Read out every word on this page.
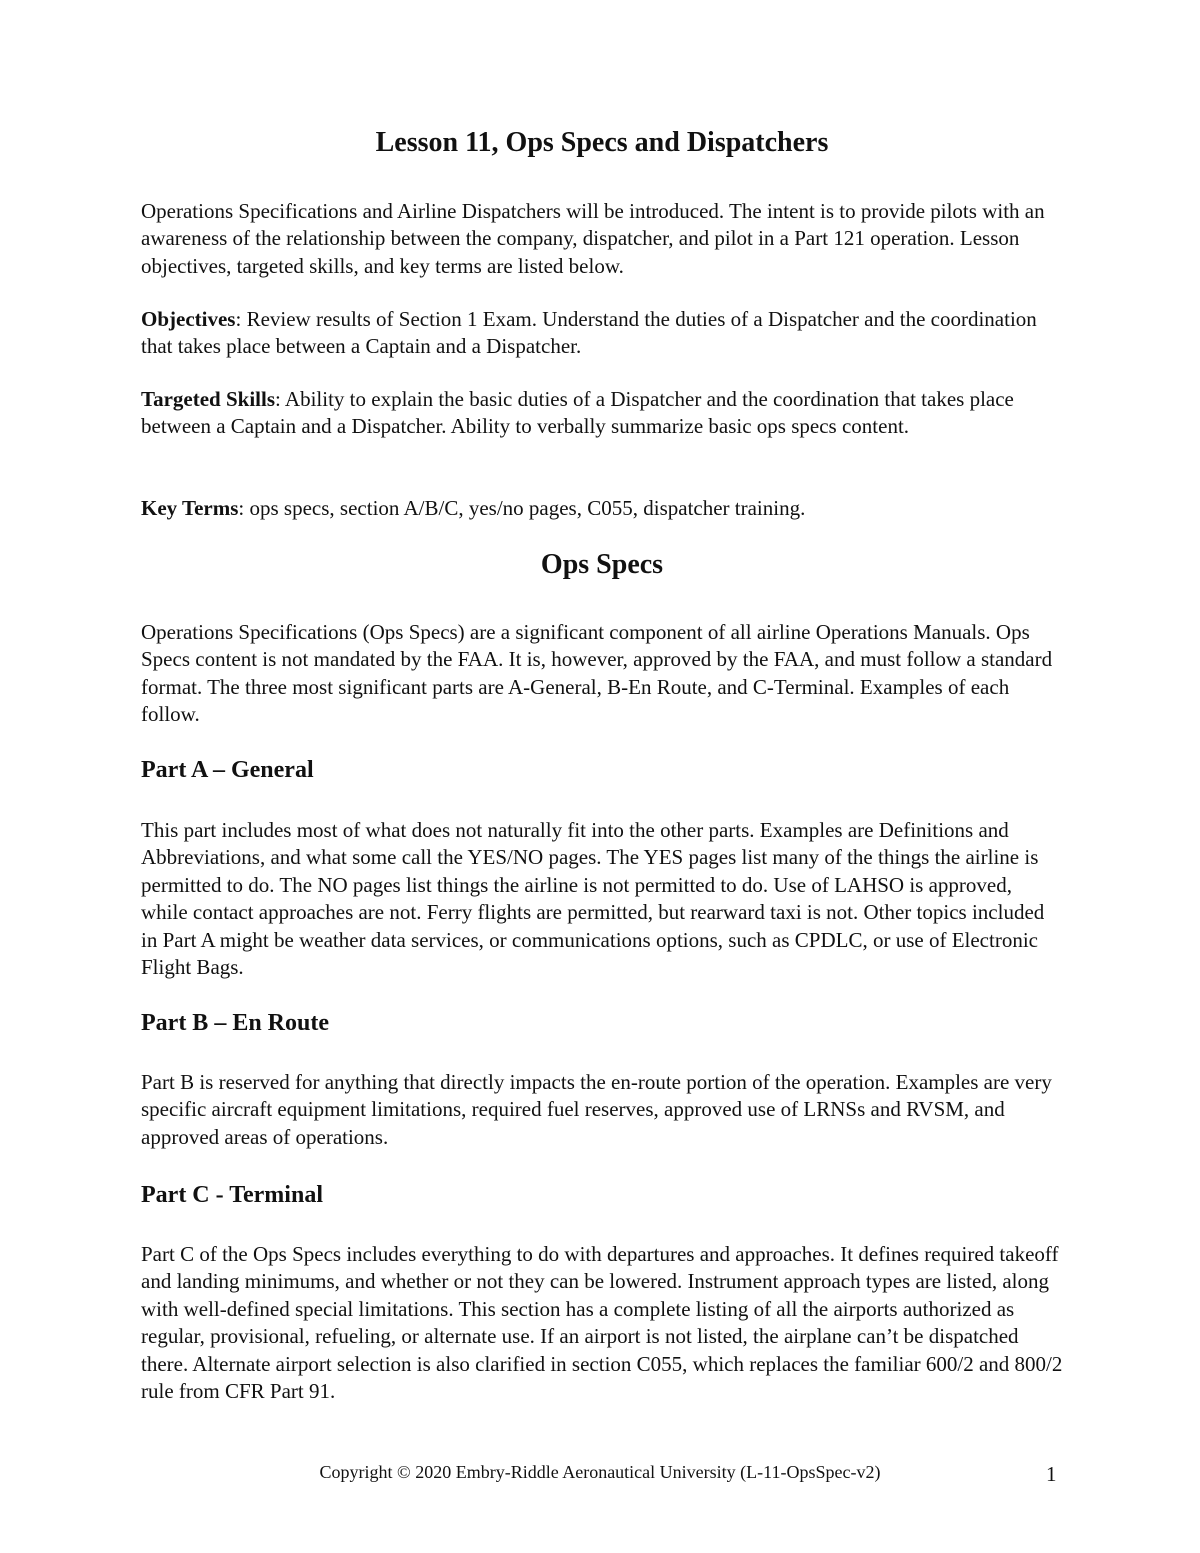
Lesson 11, Ops Specs and Dispatchers

Operations Specifications and Airline Dispatchers will be introduced. The intent is to provide pilots with an awareness of the relationship between the company, dispatcher, and pilot in a Part 121 operation. Lesson objectives, targeted skills, and key terms are listed below.

Objectives: Review results of Section 1 Exam. Understand the duties of a Dispatcher and the coordination that takes place between a Captain and a Dispatcher.

Targeted Skills: Ability to explain the basic duties of a Dispatcher and the coordination that takes place between a Captain and a Dispatcher. Ability to verbally summarize basic ops specs content.

Key Terms: ops specs, section A/B/C, yes/no pages, C055, dispatcher training.

Ops Specs

Operations Specifications (Ops Specs) are a significant component of all airline Operations Manuals. Ops Specs content is not mandated by the FAA. It is, however, approved by the FAA, and must follow a standard format. The three most significant parts are A-General, B-En Route, and C-Terminal. Examples of each follow.

Part A – General

This part includes most of what does not naturally fit into the other parts. Examples are Definitions and Abbreviations, and what some call the YES/NO pages. The YES pages list many of the things the airline is permitted to do. The NO pages list things the airline is not permitted to do. Use of LAHSO is approved, while contact approaches are not. Ferry flights are permitted, but rearward taxi is not. Other topics included in Part A might be weather data services, or communications options, such as CPDLC, or use of Electronic Flight Bags.

Part B – En Route

Part B is reserved for anything that directly impacts the en-route portion of the operation. Examples are very specific aircraft equipment limitations, required fuel reserves, approved use of LRNSs and RVSM, and approved areas of operations.

Part C - Terminal

Part C of the Ops Specs includes everything to do with departures and approaches. It defines required takeoff and landing minimums, and whether or not they can be lowered. Instrument approach types are listed, along with well-defined special limitations. This section has a complete listing of all the airports authorized as regular, provisional, refueling, or alternate use. If an airport is not listed, the airplane can’t be dispatched there. Alternate airport selection is also clarified in section C055, which replaces the familiar 600/2 and 800/2 rule from CFR Part 91.

Copyright © 2020 Embry-Riddle Aeronautical University (L-11-OpsSpec-v2)	1
